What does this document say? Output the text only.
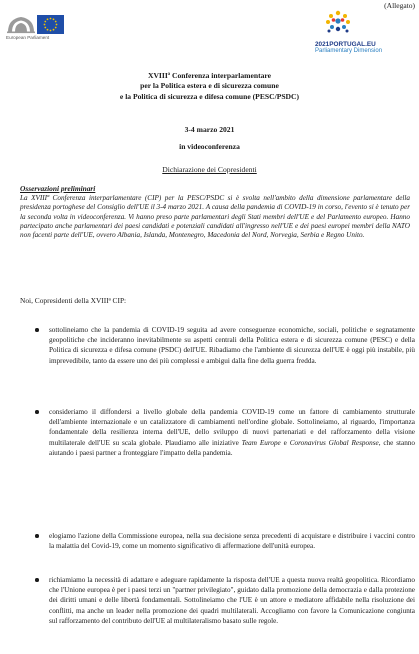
(Allegato)
European Parliament
2021PORTUGAL.EU
Parliamentary Dimension
XVIIIª Conferenza interparlamentare
per la Politica estera e di sicurezza comune
e la Politica di sicurezza e difesa comune (PESC/PSDC)
3-4 marzo 2021
in videoconferenza
Dichiarazione dei Copresidenti
Osservazioni preliminari
La XVIIIª Conferenza interparlamentare (CIP) per la PESC/PSDC si è svolta nell'ambito della dimensione parlamentare della presidenza portoghese del Consiglio dell'UE il 3-4 marzo 2021. A causa della pandemia di COVID-19 in corso, l'evento si è tenuto per la seconda volta in videoconferenza. Vi hanno preso parte parlamentari degli Stati membri dell'UE e del Parlamento europeo. Hanno partecipato anche parlamentari dei paesi candidati e potenziali candidati all'ingresso nell'UE e dei paesi europei membri della NATO non facenti parte dell'UE, ovvero Albania, Islanda, Montenegro, Macedonia del Nord, Norvegia, Serbia e Regno Unito.
Noi, Copresidenti della XVIIIª CIP:
sottolineiamo che la pandemia di COVID-19 seguita ad avere conseguenze economiche, sociali, politiche e segnatamente geopolitiche che incideranno inevitabilmente su aspetti centrali della Politica estera e di sicurezza comune (PESC) e della Politica di sicurezza e difesa comune (PSDC) dell'UE. Ribadiamo che l'ambiente di sicurezza dell'UE è oggi più instabile, più imprevedibile, tanto da essere uno dei più complessi e ambigui dalla fine della guerra fredda.
consideriamo il diffondersi a livello globale della pandemia COVID-19 come un fattore di cambiamento strutturale dell'ambiente internazionale e un catalizzatore di cambiamenti nell'ordine globale. Sottolineiamo, al riguardo, l'importanza fondamentale della resilienza interna dell'UE, dello sviluppo di nuovi partenariati e del rafforzamento della visione multilaterale dell'UE su scala globale. Plaudiamo alle iniziative Team Europe e Coronavirus Global Response, che stanno aiutando i paesi partner a fronteggiare l'impatto della pandemia.
elogiamo l'azione della Commissione europea, nella sua decisione senza precedenti di acquistare e distribuire i vaccini contro la malattia del Covid-19, come un momento significativo di affermazione dell'unità europea.
richiamiamo la necessità di adattare e adeguare rapidamente la risposta dell'UE a questa nuova realtà geopolitica. Ricordiamo che l'Unione europea è per i paesi terzi un "partner privilegiato", guidato dalla promozione della democrazia e dalla protezione dei diritti umani e delle libertà fondamentali. Sottolineiamo che l'UE è un attore e mediatore affidabile nella risoluzione dei conflitti, ma anche un leader nella promozione dei quadri multilaterali. Accogliamo con favore la Comunicazione congiunta sul rafforzamento del contributo dell'UE al multilateralismo basato sulle regole.
